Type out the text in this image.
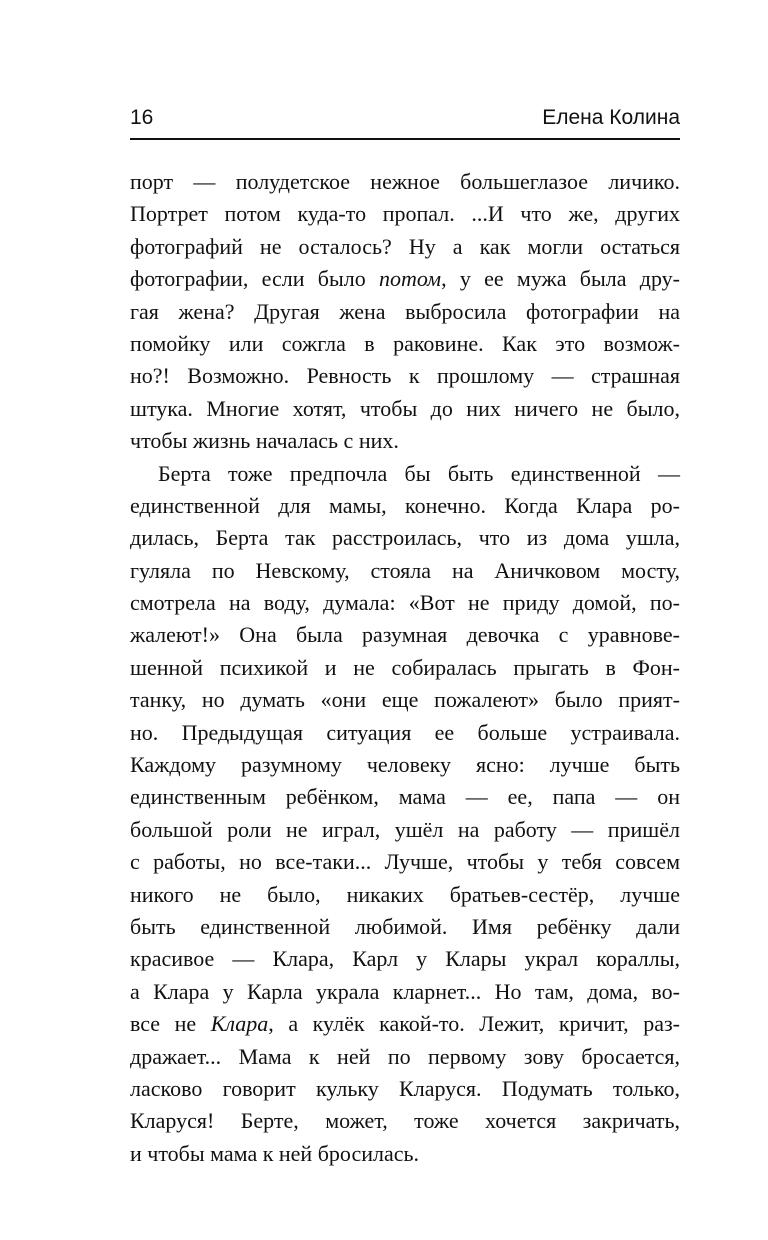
16	Елена Колина
порт — полудетское нежное большеглазое личико.
Портрет потом куда-то пропал. ...И что же, других
фотографий не осталось? Ну а как могли остаться
фотографии, если было потом, у ее мужа была дру-
гая жена? Другая жена выбросила фотографии на
помойку или сожгла в раковине. Как это возмож-
но?! Возможно. Ревность к прошлому — страшная
штука. Многие хотят, чтобы до них ничего не было,
чтобы жизнь началась с них.
Берта тоже предпочла бы быть единственной —
единственной для мамы, конечно. Когда Клара ро-
дилась, Берта так расстроилась, что из дома ушла,
гуляла по Невскому, стояла на Аничковом мосту,
смотрела на воду, думала: «Вот не приду домой, по-
жалеют!» Она была разумная девочка с уравнове-
шенной психикой и не собиралась прыгать в Фон-
танку, но думать «они еще пожалеют» было прият-
но. Предыдущая ситуация ее больше устраивала.
Каждому разумному человеку ясно: лучше быть
единственным ребёнком, мама — ее, папа — он
большой роли не играл, ушёл на работу — пришёл
с работы, но все-таки... Лучше, чтобы у тебя совсем
никого не было, никаких братьев-сестёр, лучше
быть единственной любимой. Имя ребёнку дали
красивое — Клара, Карл у Клары украл кораллы,
а Клара у Карла украла кларнет... Но там, дома, во-
все не Клара, а кулёк какой-то. Лежит, кричит, раз-
дражает... Мама к ней по первому зову бросается,
ласково говорит кульку Кларуся. Подумать только,
Кларуся! Берте, может, тоже хочется закричать,
и чтобы мама к ней бросилась.
